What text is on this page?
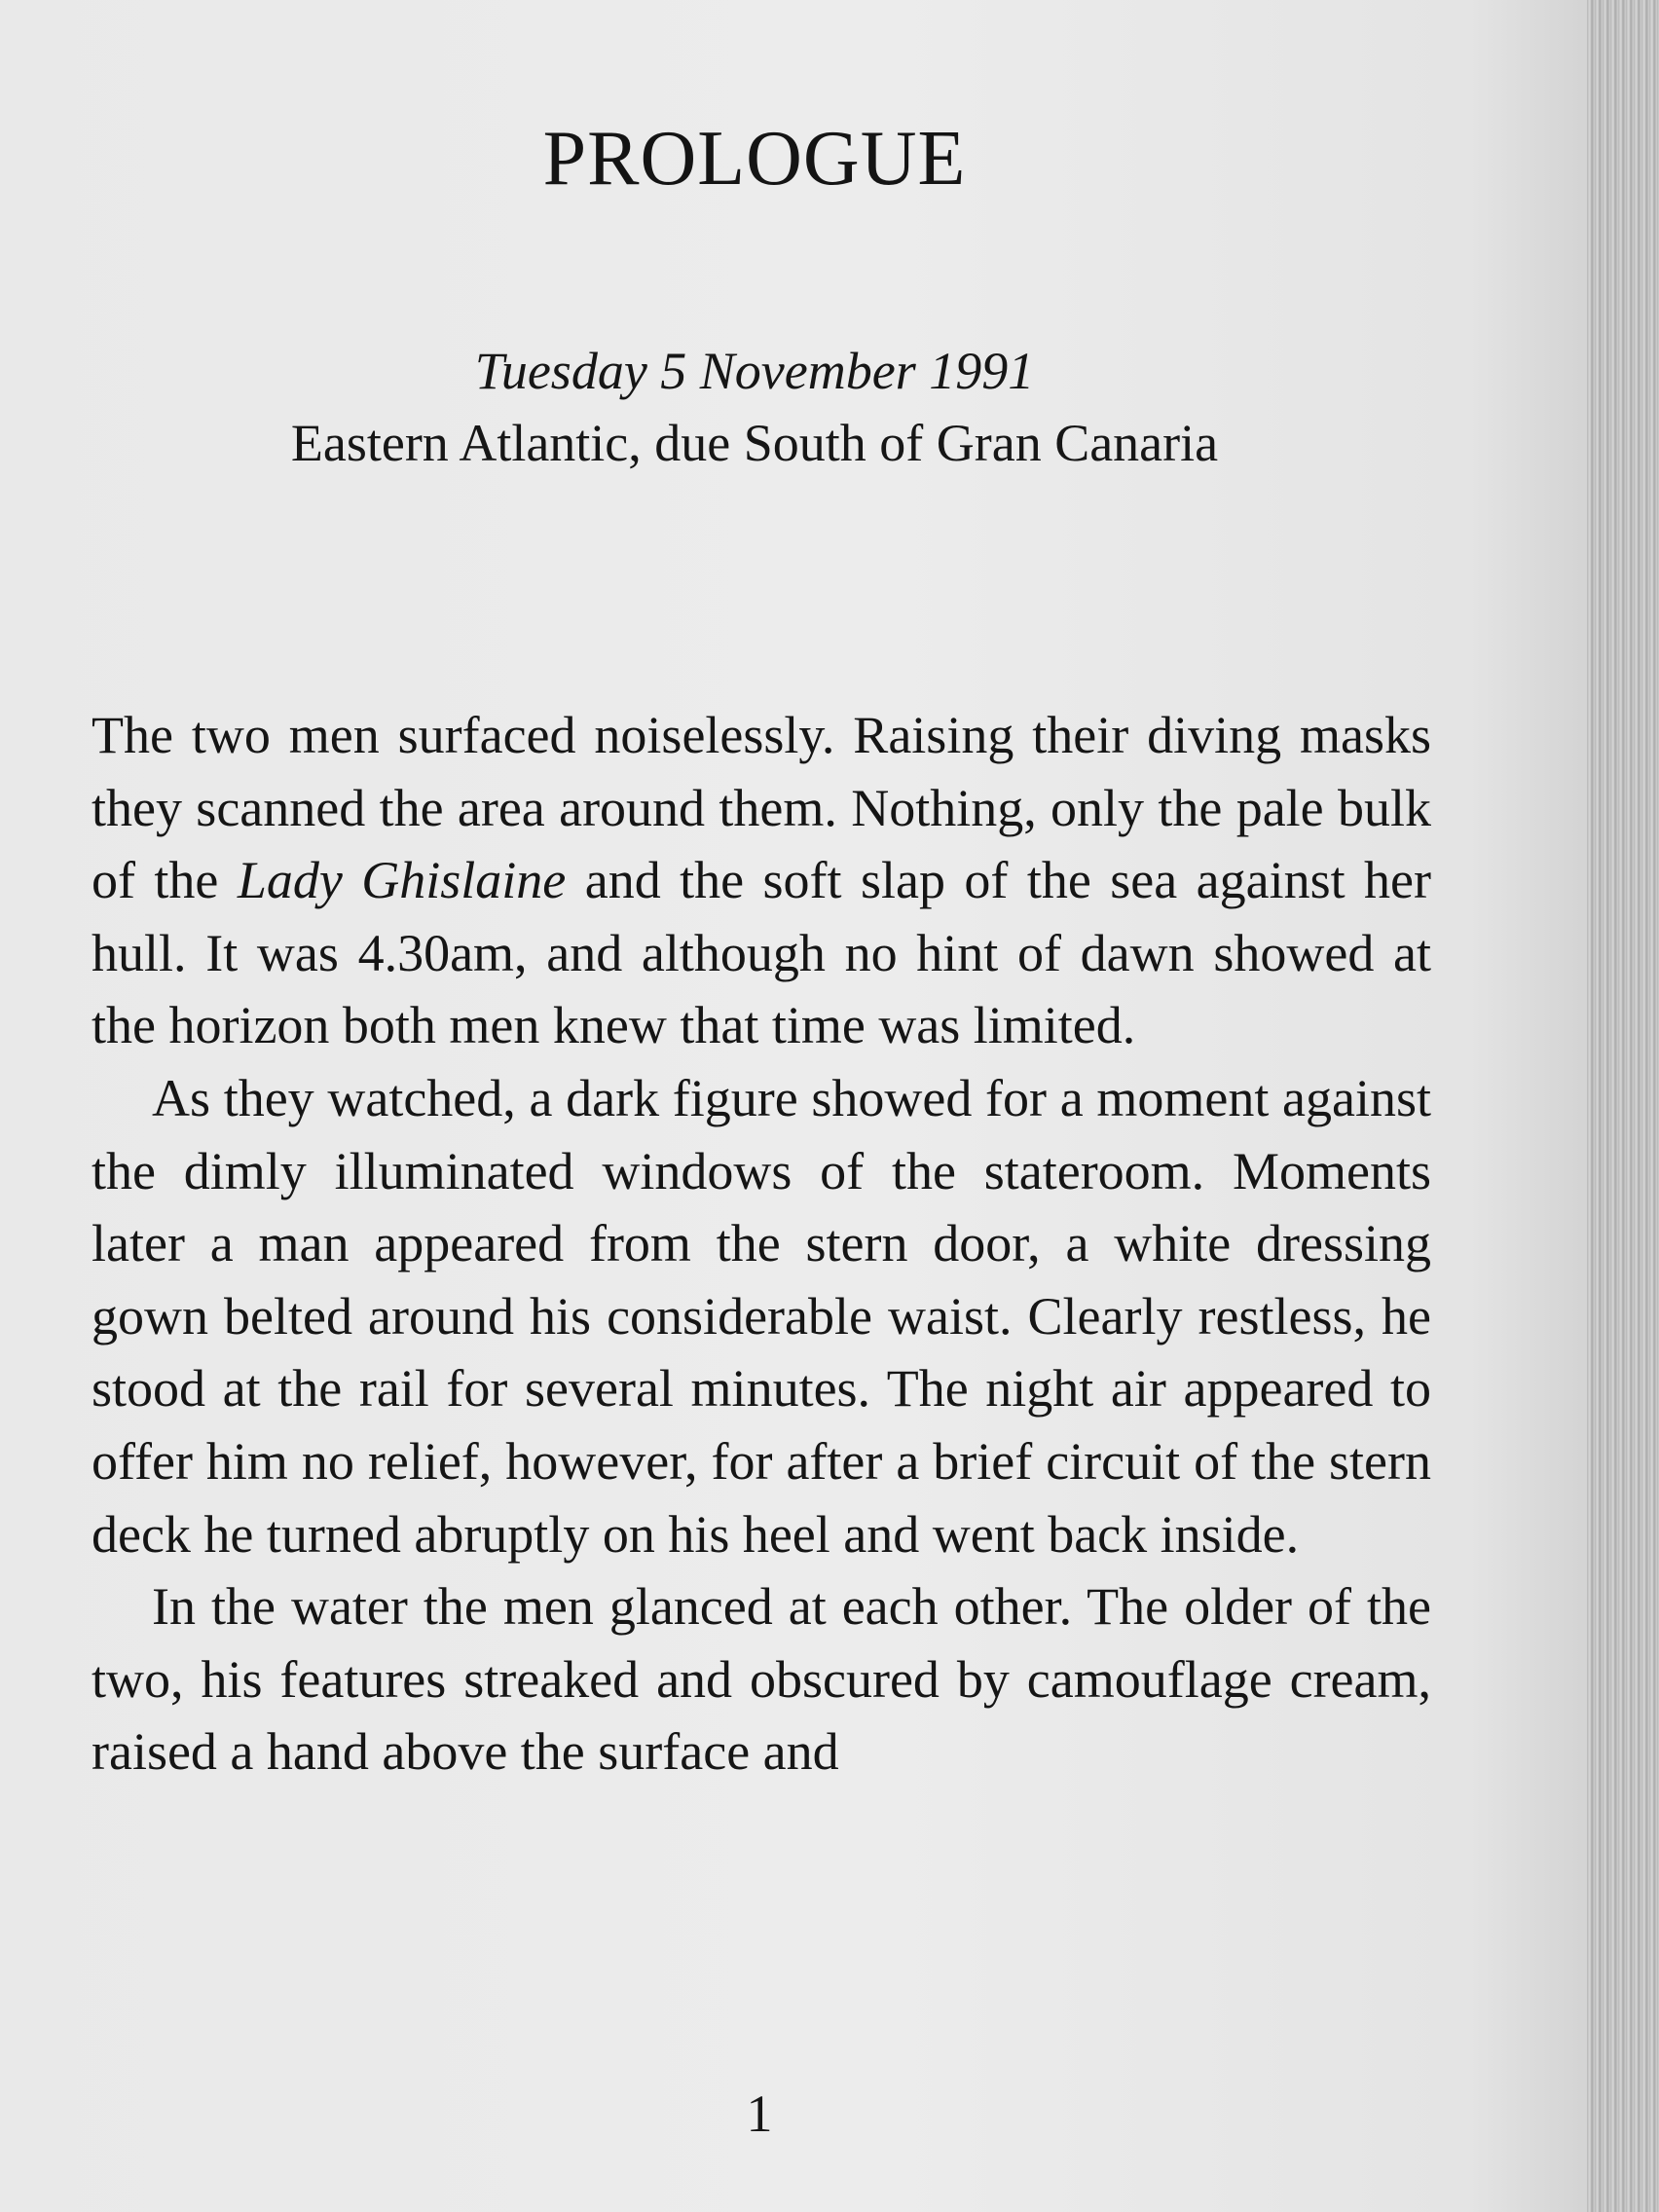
PROLOGUE
Tuesday 5 November 1991
Eastern Atlantic, due South of Gran Canaria

The two men surfaced noiselessly. Raising their diving masks they scanned the area around them. Nothing, only the pale bulk of the Lady Ghislaine and the soft slap of the sea against her hull. It was 4.30am, and although no hint of dawn showed at the horizon both men knew that time was limited.

As they watched, a dark figure showed for a moment against the dimly illuminated windows of the stateroom. Moments later a man appeared from the stern door, a white dressing gown belted around his considerable waist. Clearly restless, he stood at the rail for several minutes. The night air appeared to offer him no relief, however, for after a brief circuit of the stern deck he turned abruptly on his heel and went back inside.

In the water the men glanced at each other. The older of the two, his features streaked and obscured by camouflage cream, raised a hand above the surface and

1
